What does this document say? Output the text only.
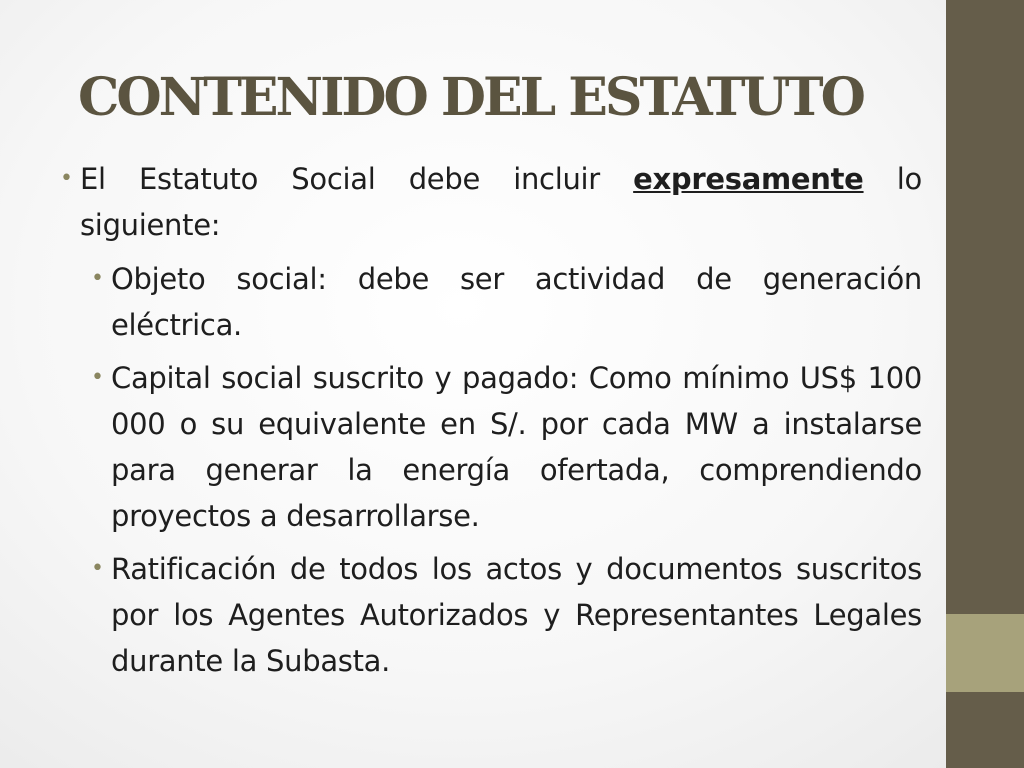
CONTENIDO DEL ESTATUTO
• El Estatuto Social debe incluir expresamente lo siguiente:
• Objeto social: debe ser actividad de generación eléctrica.
• Capital social suscrito y pagado: Como mínimo US$ 100 000 o su equivalente en S/. por cada MW a instalarse para generar la energía ofertada, comprendiendo proyectos a desarrollarse.
• Ratificación de todos los actos y documentos suscritos por los Agentes Autorizados y Representantes Legales durante la Subasta.
